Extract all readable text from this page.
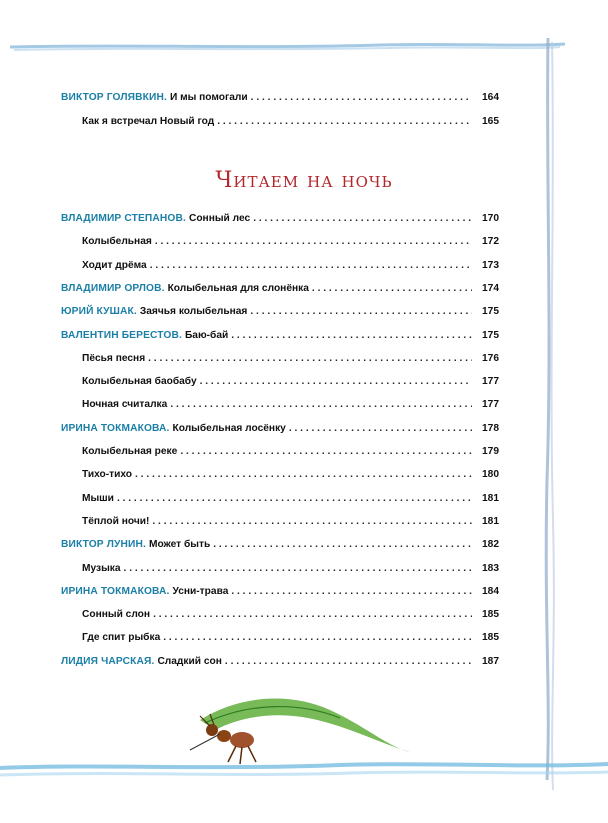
Читаем на ночь
ВИКТОР ГОЛЯВКИН . И мы помогали . . .	164
Как я встречал Новый год . . .	165
ВЛАДИМИР СТЕПАНОВ . Сонный лес . . .	170
Колыбельная . . .	172
Ходит дрёма . . .	173
ВЛАДИМИР ОРЛОВ . Колыбельная для слонёнка . . .	174
ЮРИЙ КУШАК . Заячья колыбельная . . .	175
ВАЛЕНТИН БЕРЕСТОВ . Баю-бай . . .	175
Пёсья песня . . .	176
Колыбельная баобабу . . .	177
Ночная считалка . . .	177
ИРИНА ТОКМАКОВА . Колыбельная лосёнку . . .	178
Колыбельная реке . . .	179
Тихо-тихо . . .	180
Мыши . . .	181
Тёплой ночи! . . .	181
ВИКТОР ЛУНИН . Может быть . . .	182
Музыка . . .	183
ИРИНА ТОКМАКОВА . Усни-трава . . .	184
Сонный слон . . .	185
Где спит рыбка . . .	185
ЛИДИЯ ЧАРСКАЯ . Сладкий сон . . .	187
